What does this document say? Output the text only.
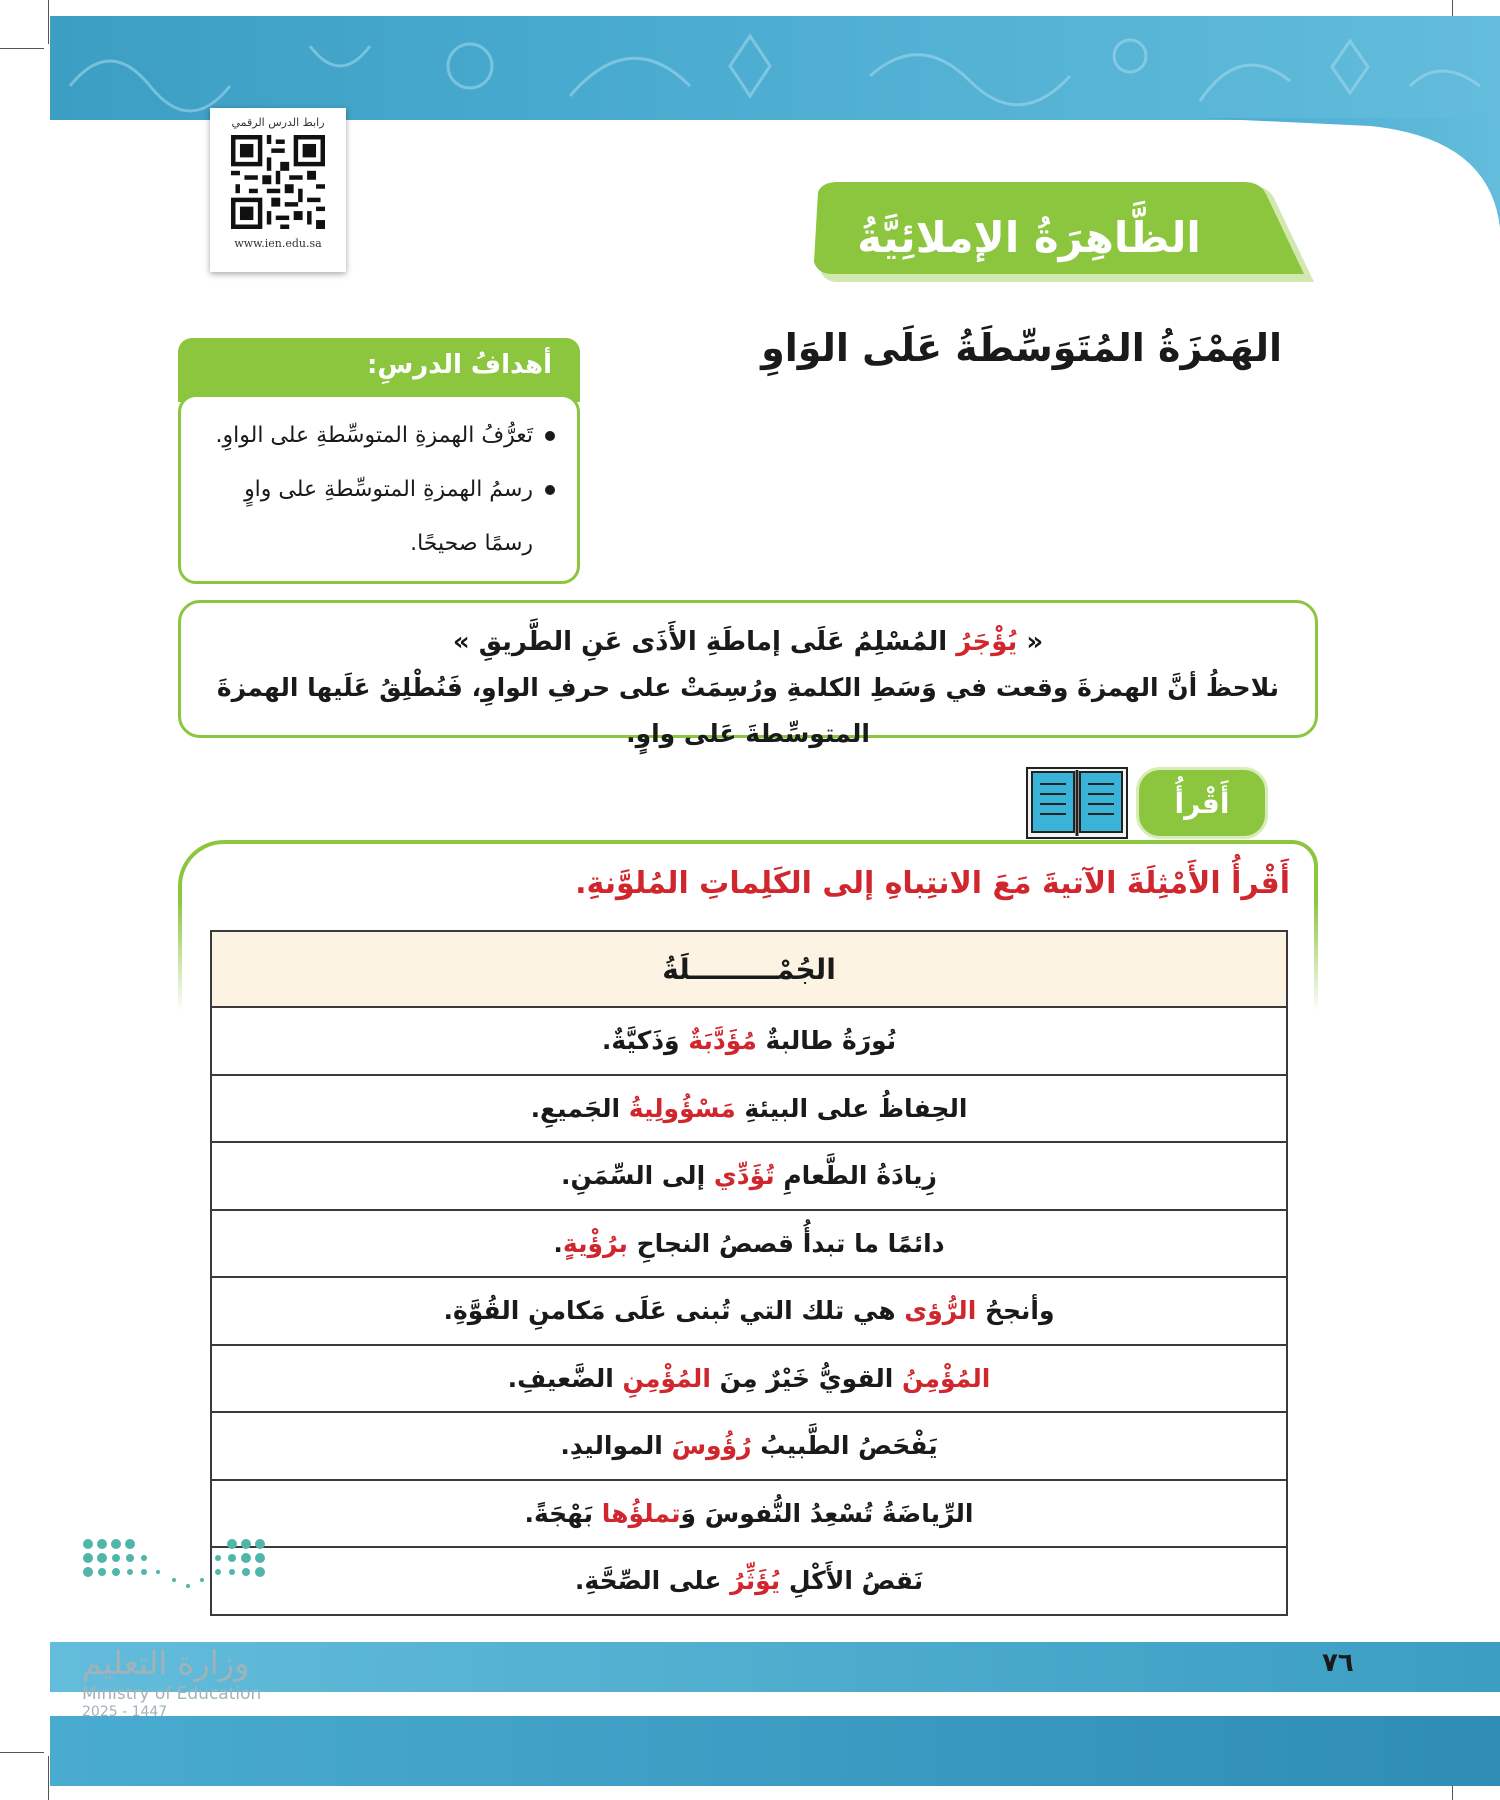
رابط الدرس الرقمي
www.ien.edu.sa	الظَّاهِرَةُ الإملائِيَّةُ
الهَمْزَةُ المُتَوَسِّطَةُ عَلَى الوَاوِ
أهدافُ الدرسِ:
تَعرُّفُ الهمزةِ المتوسِّطةِ على الواوِ.
رسمُ الهمزةِ المتوسِّطةِ على واوٍ رسمًا صحيحًا.
« يُؤْجَرُ المُسْلِمُ عَلَى إماطَةِ الأَذَى عَنِ الطَّريقِ »
نلاحظُ أنَّ الهمزةَ وقعت في وَسَطِ الكلمةِ ورُسِمَتْ على حرفِ الواوِ، فَنُطْلِقُ عَلَيها الهمزةَ المتوسِّطةَ عَلى واوٍ.
أَقْرأُ
أَقْرأُ الأَمْثِلَةَ الآتيةَ مَعَ الانتِباهِ إلى الكَلِماتِ المُلوَّنةِ.
الجُمْـــــــــلَةُ
نُورَةُ طالبةٌ مُؤَدَّبَةٌ وَذَكيَّةٌ.
الحِفاظُ على البيئةِ مَسْؤُولِيةُ الجَميعِ.
زِيادَةُ الطَّعامِ تُؤَدِّي إلى السِّمَنِ.
دائمًا ما تبدأُ قصصُ النجاحِ برُؤْيةٍ.
وأنجحُ الرُّؤى هي تلك التي تُبنى عَلَى مَكامنِ القُوَّةِ.
المُؤْمِنُ القويُّ خَيْرٌ مِنَ المُؤْمِنِ الضَّعيفِ.
يَفْحَصُ الطَّبيبُ رُؤُوسَ المواليدِ.
الرِّياضَةُ تُسْعِدُ النُّفوسَ وَتملؤُها بَهْجَةً.
نَقصُ الأَكْلِ يُؤَثِّرُ على الصِّحَّةِ.
٧٦
وزارة التعليم
Ministry of Education
2025 - 1447
